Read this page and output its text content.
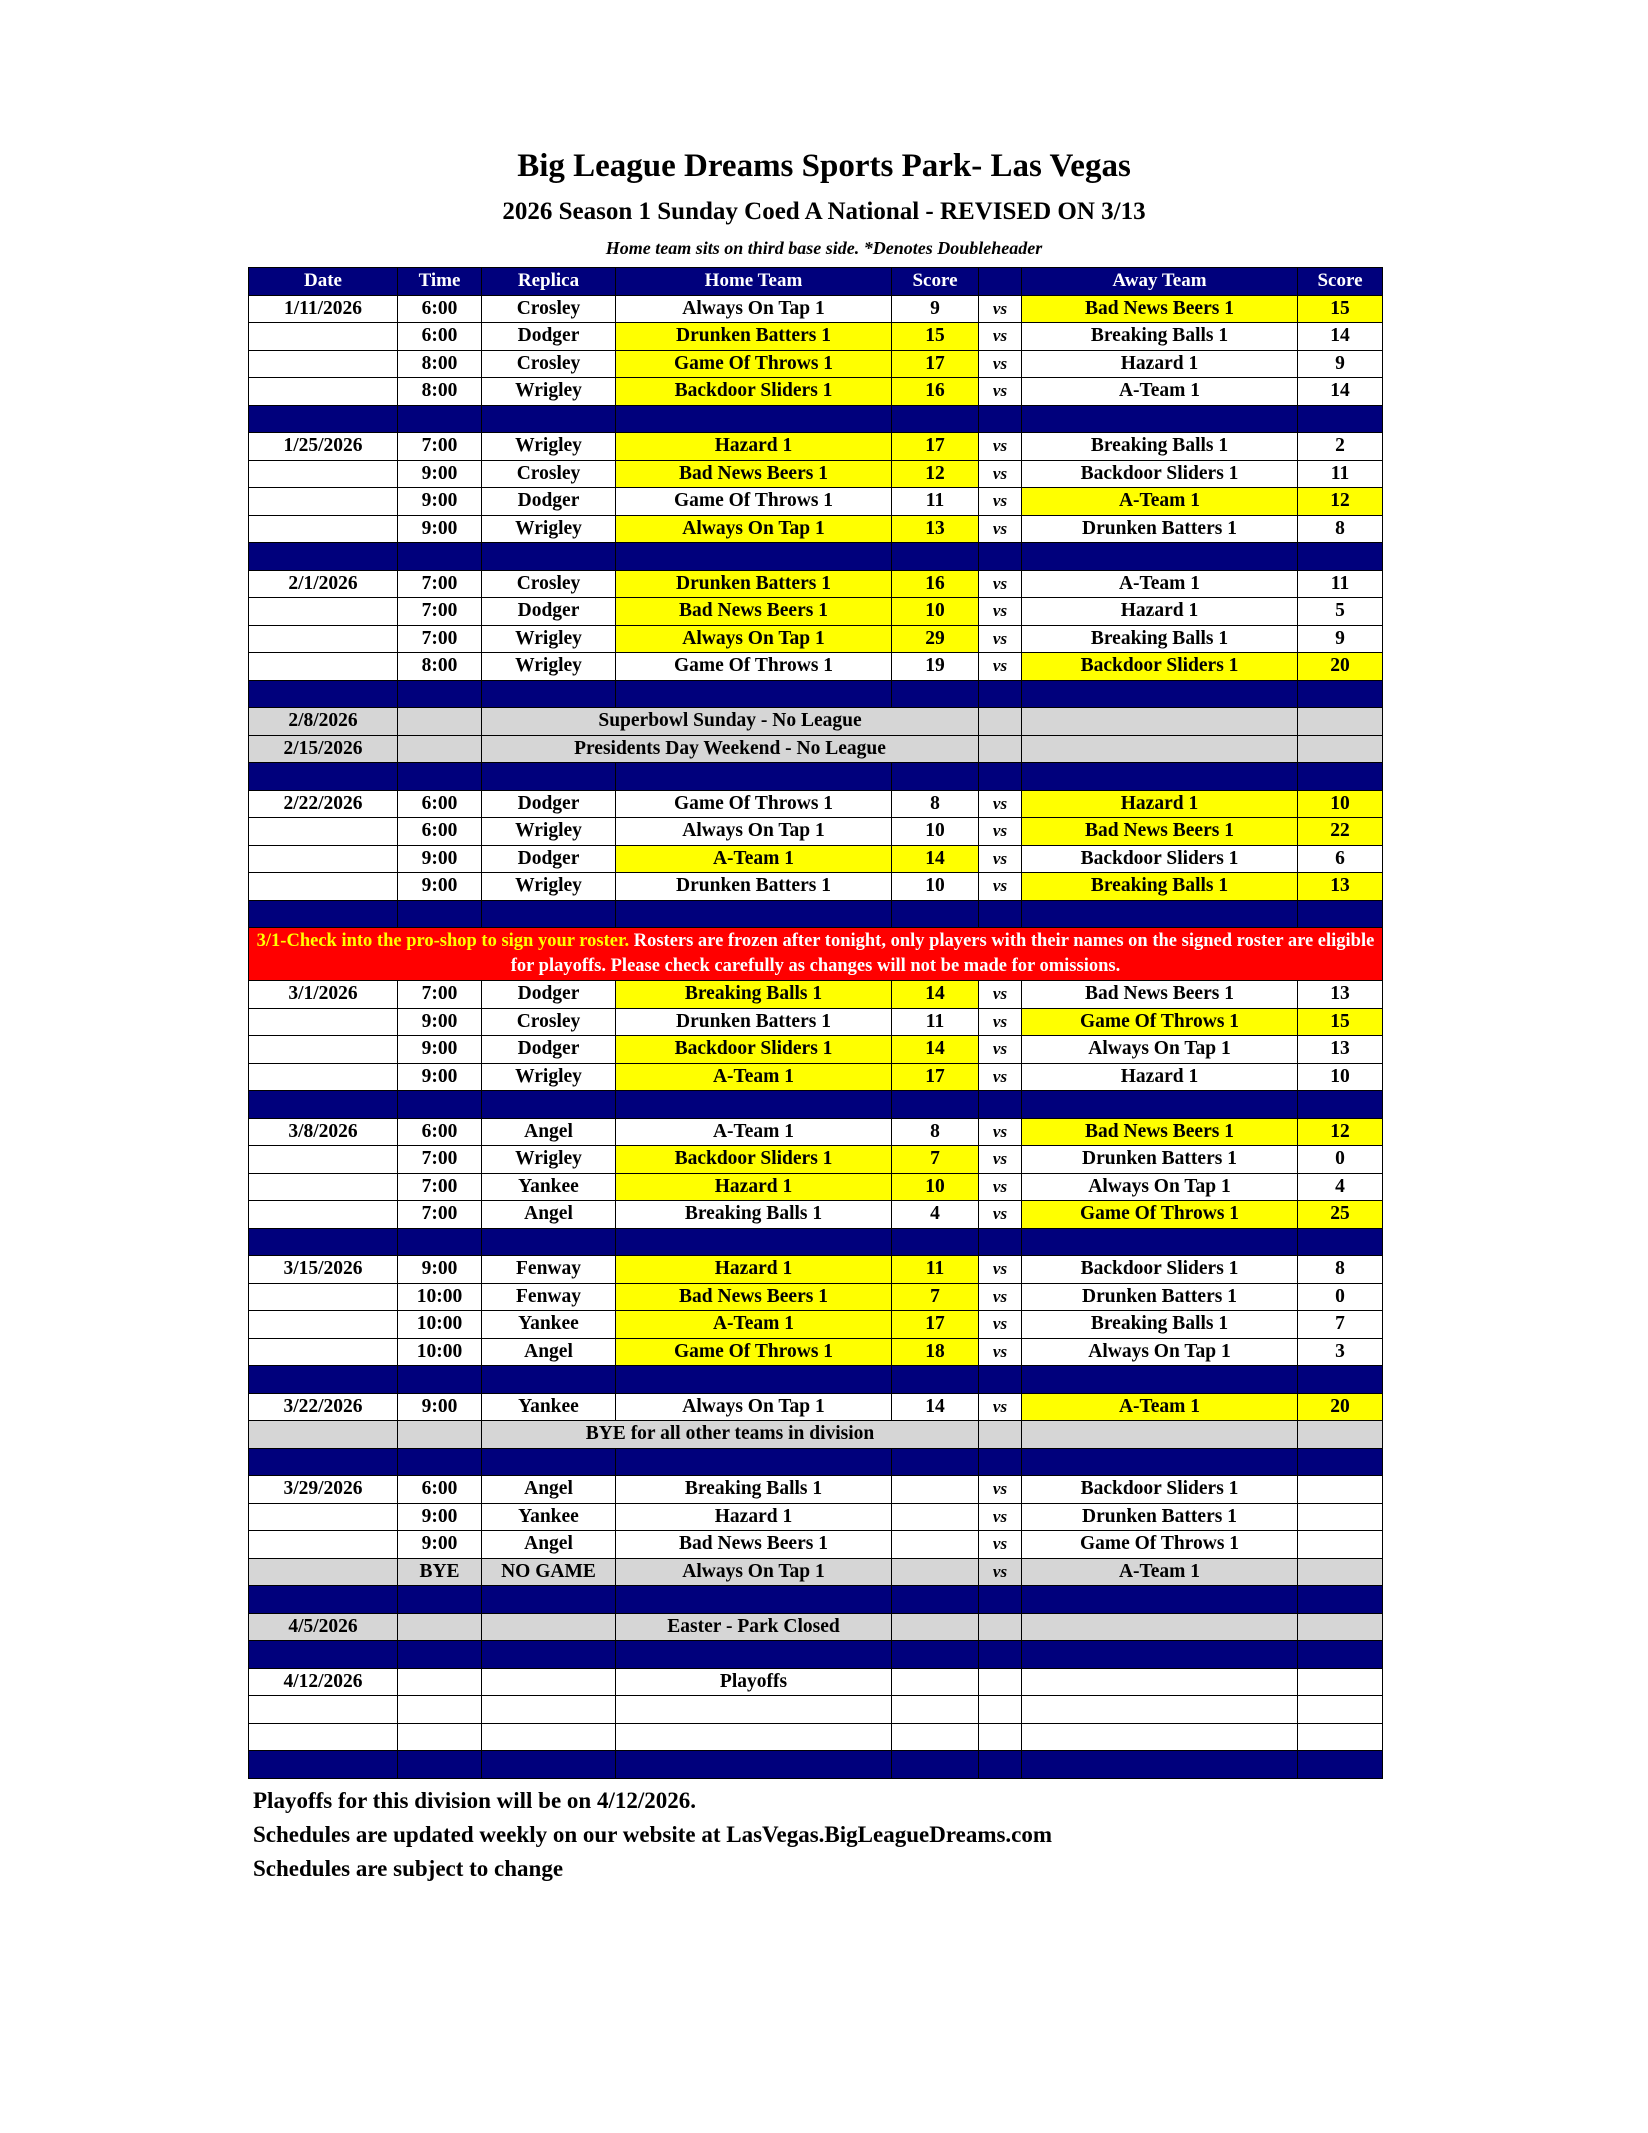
Big League Dreams Sports Park- Las Vegas
2026 Season 1 Sunday Coed A National - REVISED ON 3/13
Home team sits on third base side. *Denotes Doubleheader
Date	Time	Replica	Home Team	Score		Away Team	Score
1/11/2026	6:00	Crosley	Always On Tap 1	9	vs	Bad News Beers 1	15
	6:00	Dodger	Drunken Batters 1	15	vs	Breaking Balls 1	14
	8:00	Crosley	Game Of Throws 1	17	vs	Hazard 1	9
	8:00	Wrigley	Backdoor Sliders 1	16	vs	A-Team 1	14

1/25/2026	7:00	Wrigley	Hazard 1	17	vs	Breaking Balls 1	2
	9:00	Crosley	Bad News Beers 1	12	vs	Backdoor Sliders 1	11
	9:00	Dodger	Game Of Throws 1	11	vs	A-Team 1	12
	9:00	Wrigley	Always On Tap 1	13	vs	Drunken Batters 1	8

2/1/2026	7:00	Crosley	Drunken Batters 1	16	vs	A-Team 1	11
	7:00	Dodger	Bad News Beers 1	10	vs	Hazard 1	5
	7:00	Wrigley	Always On Tap 1	29	vs	Breaking Balls 1	9
	8:00	Wrigley	Game Of Throws 1	19	vs	Backdoor Sliders 1	20

2/8/2026		Superbowl Sunday - No League					
2/15/2026		Presidents Day Weekend - No League					

2/22/2026	6:00	Dodger	Game Of Throws 1	8	vs	Hazard 1	10
	6:00	Wrigley	Always On Tap 1	10	vs	Bad News Beers 1	22
	9:00	Dodger	A-Team 1	14	vs	Backdoor Sliders 1	6
	9:00	Wrigley	Drunken Batters 1	10	vs	Breaking Balls 1	13

3/1-Check into the pro-shop to sign your roster. Rosters are frozen after tonight, only players with their names on the signed roster are eligible for playoffs. Please check carefully as changes will not be made for omissions.							
3/1/2026	7:00	Dodger	Breaking Balls 1	14	vs	Bad News Beers 1	13
	9:00	Crosley	Drunken Batters 1	11	vs	Game Of Throws 1	15
	9:00	Dodger	Backdoor Sliders 1	14	vs	Always On Tap 1	13
	9:00	Wrigley	A-Team 1	17	vs	Hazard 1	10

3/8/2026	6:00	Angel	A-Team 1	8	vs	Bad News Beers 1	12
	7:00	Wrigley	Backdoor Sliders 1	7	vs	Drunken Batters 1	0
	7:00	Yankee	Hazard 1	10	vs	Always On Tap 1	4
	7:00	Angel	Breaking Balls 1	4	vs	Game Of Throws 1	25

3/15/2026	9:00	Fenway	Hazard 1	11	vs	Backdoor Sliders 1	8
	10:00	Fenway	Bad News Beers 1	7	vs	Drunken Batters 1	0
	10:00	Yankee	A-Team 1	17	vs	Breaking Balls 1	7
	10:00	Angel	Game Of Throws 1	18	vs	Always On Tap 1	3

3/22/2026	9:00	Yankee	Always On Tap 1	14	vs	A-Team 1	20
		BYE for all other teams in division					

3/29/2026	6:00	Angel	Breaking Balls 1		vs	Backdoor Sliders 1	
	9:00	Yankee	Hazard 1		vs	Drunken Batters 1	
	9:00	Angel	Bad News Beers 1		vs	Game Of Throws 1	
	BYE	NO GAME	Always On Tap 1		vs	A-Team 1	

4/5/2026			Easter - Park Closed				

4/12/2026			Playoffs				

Playoffs for this division will be on 4/12/2026.
Schedules are updated weekly on our website at LasVegas.BigLeagueDreams.com
Schedules are subject to change
